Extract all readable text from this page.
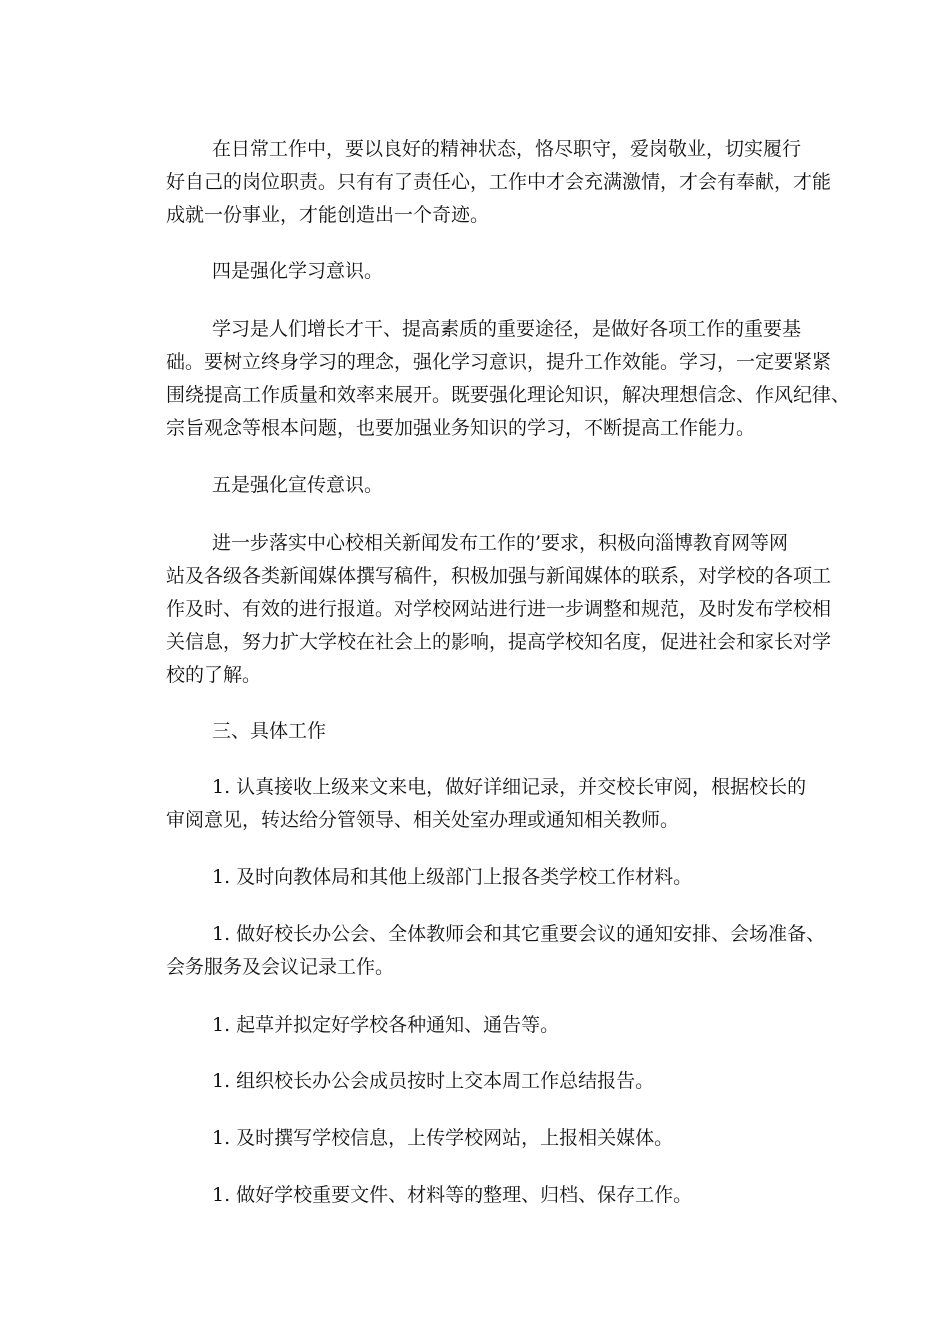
在日常工作中，要以良好的精神状态，恪尽职守，爱岗敬业，切实履行
好自己的岗位职责。只有有了责任心，工作中才会充满激情，才会有奉献，才能
成就一份事业，才能创造出一个奇迹。
四是强化学习意识。
学习是人们增长才干、提高素质的重要途径，是做好各项工作的重要基
础。要树立终身学习的理念，强化学习意识，提升工作效能。学习，一定要紧紧
围绕提高工作质量和效率来展开。既要强化理论知识，解决理想信念、作风纪律、
宗旨观念等根本问题，也要加强业务知识的学习，不断提高工作能力。
五是强化宣传意识。
进一步落实中心校相关新闻发布工作的’要求，积极向淄博教育网等网
站及各级各类新闻媒体撰写稿件，积极加强与新闻媒体的联系，对学校的各项工
作及时、有效的进行报道。对学校网站进行进一步调整和规范，及时发布学校相
关信息，努力扩大学校在社会上的影响，提高学校知名度，促进社会和家长对学
校的了解。
三、具体工作
1. 认真接收上级来文来电，做好详细记录，并交校长审阅，根据校长的
审阅意见，转达给分管领导、相关处室办理或通知相关教师。
1. 及时向教体局和其他上级部门上报各类学校工作材料。
1. 做好校长办公会、全体教师会和其它重要会议的通知安排、会场准备、
会务服务及会议记录工作。
1. 起草并拟定好学校各种通知、通告等。
1. 组织校长办公会成员按时上交本周工作总结报告。
1. 及时撰写学校信息，上传学校网站，上报相关媒体。
1. 做好学校重要文件、材料等的整理、归档、保存工作。
